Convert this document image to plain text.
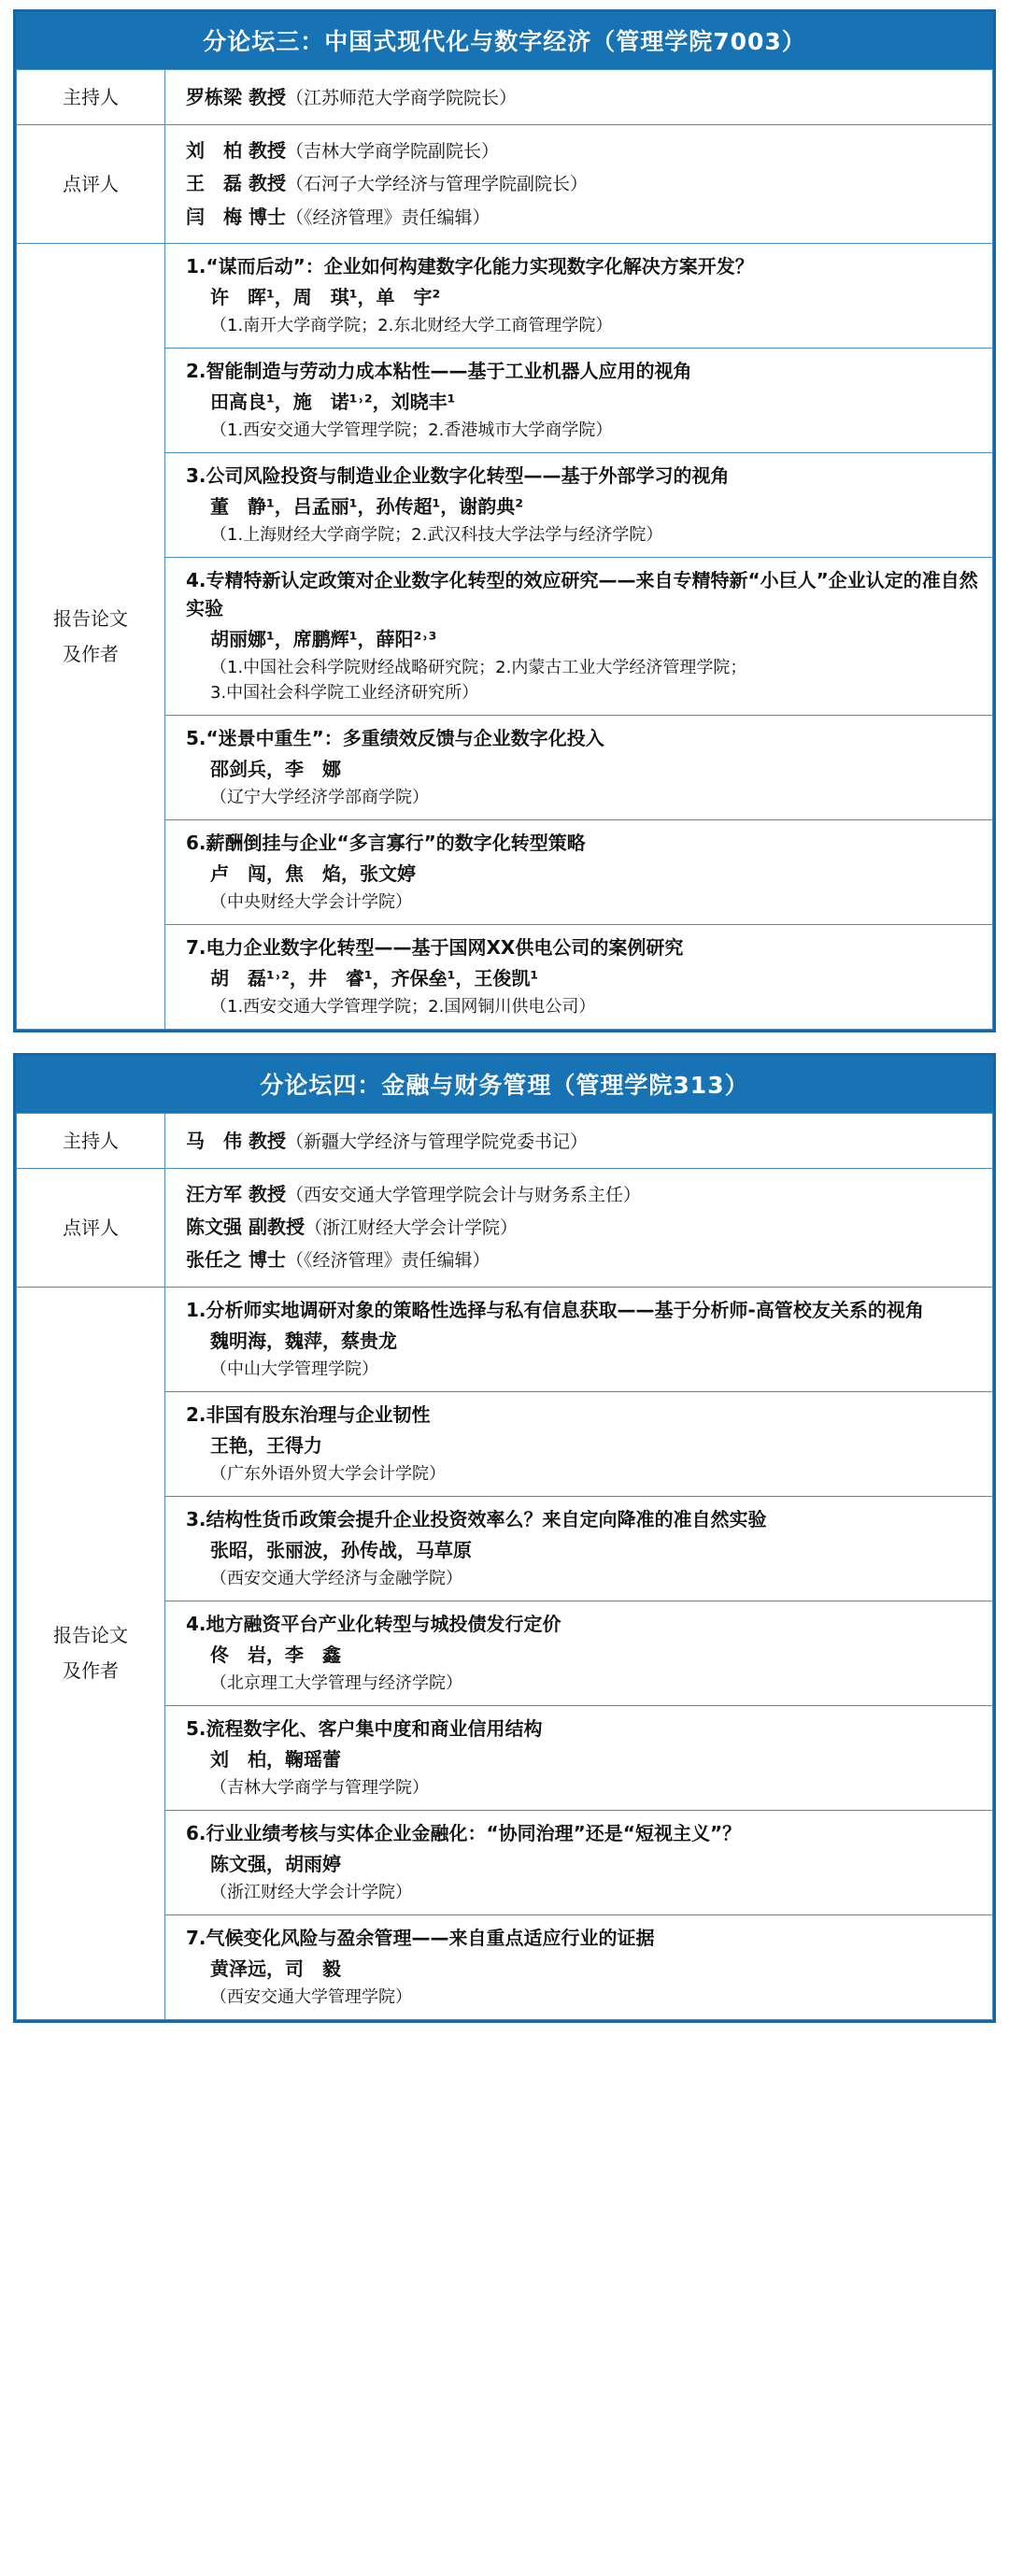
分论坛三：中国式现代化与数字经济（管理学院7003）
主持人	罗栋梁 教授（江苏师范大学商学院院长）

点评人	刘　柏 教授（吉林大学商学院副院长）
王　磊 教授（石河子大学经济与管理学院副院长）
闫　梅 博士（《经济管理》责任编辑）

报告论文
及作者

1.“谋而后动”：企业如何构建数字化能力实现数字化解决方案开发？
许　晖¹，周　琪¹，单　宇²
（1.南开大学商学院；2.东北财经大学工商管理学院）
2.智能制造与劳动力成本粘性——基于工业机器人应用的视角
田高良¹，施　诺¹˒²，刘晓丰¹
（1.西安交通大学管理学院；2.香港城市大学商学院）
3.公司风险投资与制造业企业数字化转型——基于外部学习的视角
董　静¹，吕孟丽¹，孙传超¹，谢韵典²
（1.上海财经大学商学院；2.武汉科技大学法学与经济学院）
4.专精特新认定政策对企业数字化转型的效应研究——来自专精特新“小巨人”企业认定的准自然实验
胡丽娜¹，席鹏辉¹，薛阳²˒³
（1.中国社会科学院财经战略研究院；2.内蒙古工业大学经济管理学院；
3.中国社会科学院工业经济研究所）
5.“迷景中重生”：多重绩效反馈与企业数字化投入
邵剑兵，李　娜
（辽宁大学经济学部商学院）
6.薪酬倒挂与企业“多言寡行”的数字化转型策略
卢　闯，焦　焰，张文婷
（中央财经大学会计学院）
7.电力企业数字化转型——基于国网XX供电公司的案例研究
胡　磊¹˒²，井　睿¹，齐保垒¹，王俊凯¹
（1.西安交通大学管理学院；2.国网铜川供电公司）
分论坛四：金融与财务管理（管理学院313）
主持人	马　伟 教授（新疆大学经济与管理学院党委书记）

点评人	汪方军 教授（西安交通大学管理学院会计与财务系主任）
陈文强 副教授（浙江财经大学会计学院）
张任之 博士（《经济管理》责任编辑）

报告论文
及作者

1.分析师实地调研对象的策略性选择与私有信息获取——基于分析师-高管校友关系的视角
魏明海，魏萍，蔡贵龙
（中山大学管理学院）
2.非国有股东治理与企业韧性
王艳，王得力
（广东外语外贸大学会计学院）
3.结构性货币政策会提升企业投资效率么？来自定向降准的准自然实验
张昭，张丽波，孙传战，马草原
（西安交通大学经济与金融学院）
4.地方融资平台产业化转型与城投债发行定价
佟　岩，李　鑫
（北京理工大学管理与经济学院）
5.流程数字化、客户集中度和商业信用结构
刘　柏，鞠瑶蕾
（吉林大学商学与管理学院）
6.行业业绩考核与实体企业金融化：“协同治理”还是“短视主义”？
陈文强，胡雨婷
（浙江财经大学会计学院）
7.气候变化风险与盈余管理——来自重点适应行业的证据
黄泽远，司　毅
（西安交通大学管理学院）
